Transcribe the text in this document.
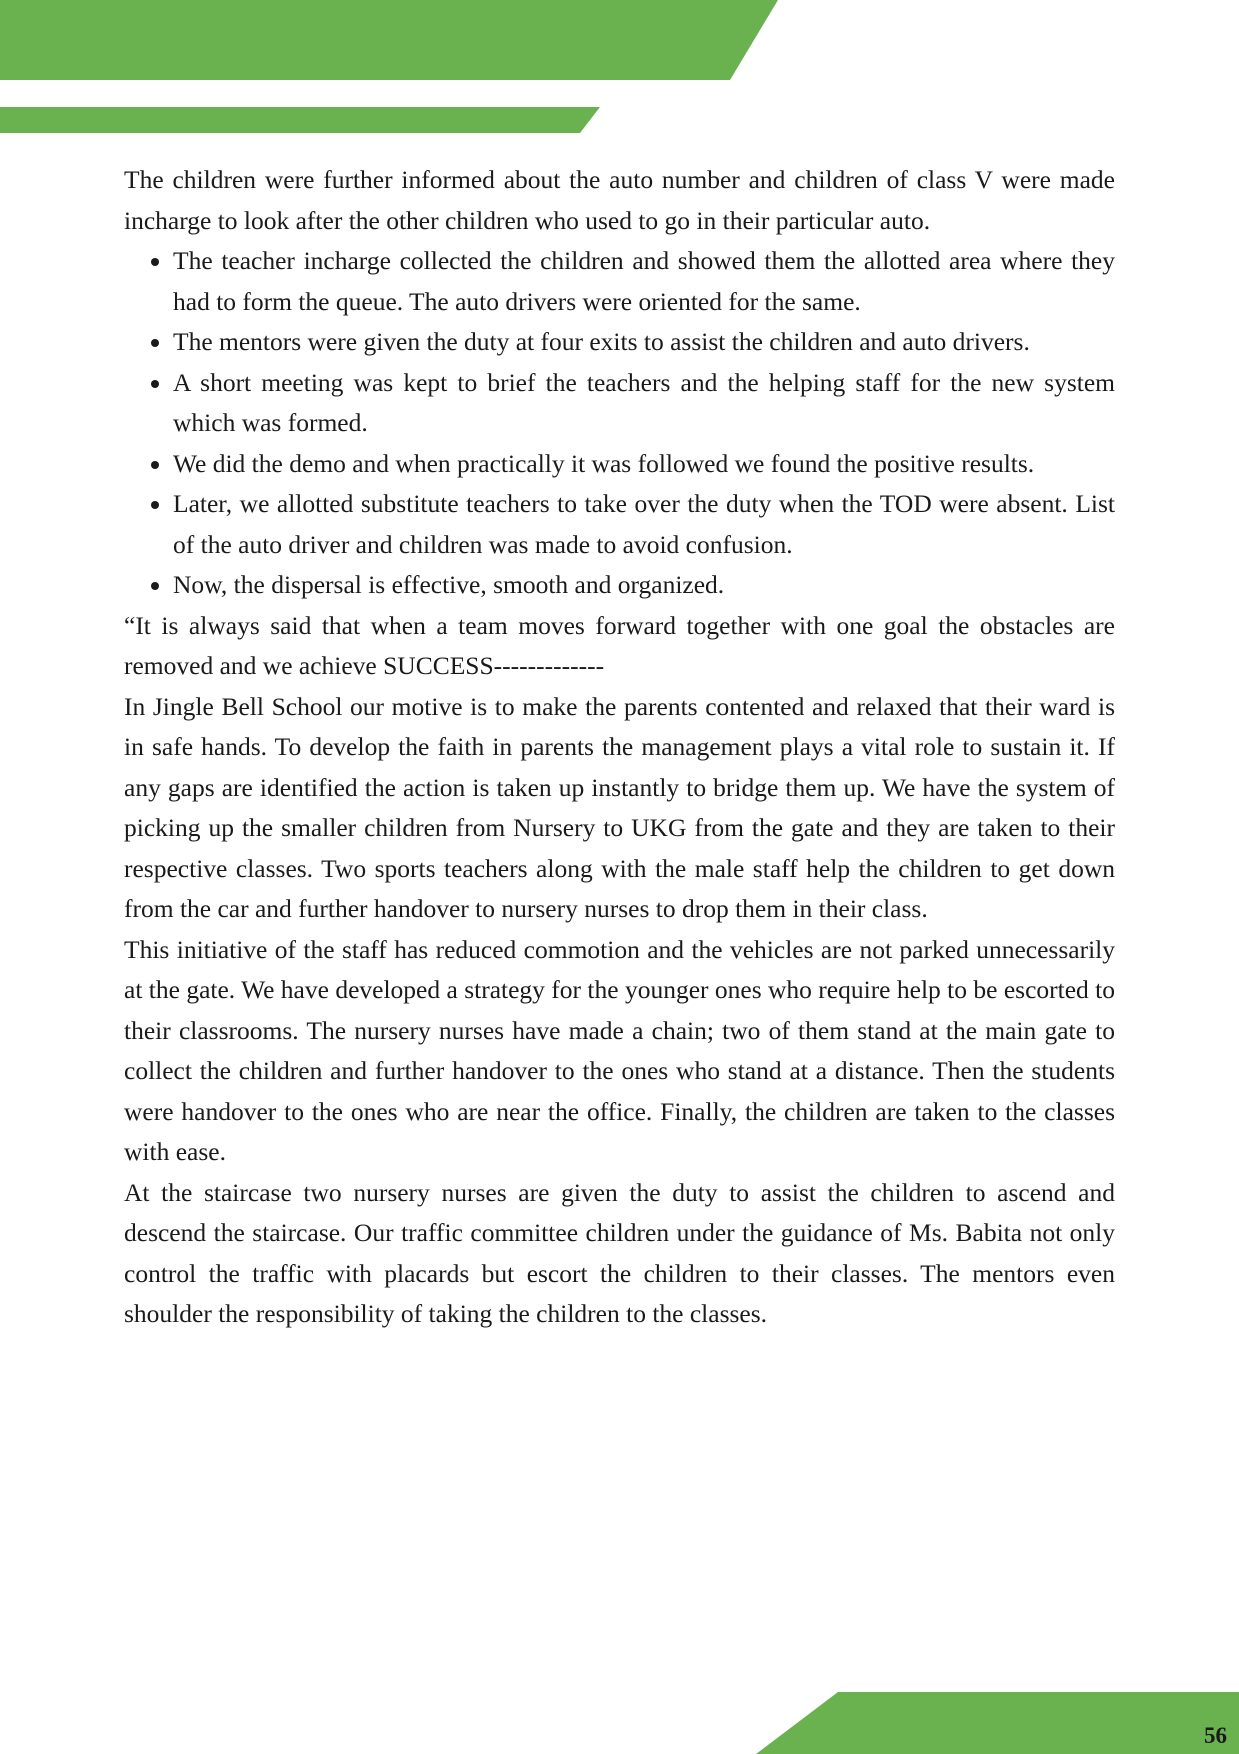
The children were further informed about the auto number and children of class V were made incharge to look after the other children who used to go in their particular auto.

• The teacher incharge collected the children and showed them the allotted area where they had to form the queue. The auto drivers were oriented for the same.
• The mentors were given the duty at four exits to assist the children and auto drivers.
• A short meeting was kept to brief the teachers and the helping staff for the new system which was formed.
• We did the demo and when practically it was followed we found the positive results.
• Later, we allotted substitute teachers to take over the duty when the TOD were absent. List of the auto driver and children was made to avoid confusion.
• Now, the dispersal is effective, smooth and organized.

“It is always said that when a team moves forward together with one goal the obstacles are removed and we achieve SUCCESS-------------

In Jingle Bell School our motive is to make the parents contented and relaxed that their ward is in safe hands. To develop the faith in parents the management plays a vital role to sustain it. If any gaps are identified the action is taken up instantly to bridge them up. We have the system of picking up the smaller children from Nursery to UKG from the gate and they are taken to their respective classes. Two sports teachers along with the male staff help the children to get down from the car and further handover to nursery nurses to drop them in their class.

This initiative of the staff has reduced commotion and the vehicles are not parked unnecessarily at the gate. We have developed a strategy for the younger ones who require help to be escorted to their classrooms. The nursery nurses have made a chain; two of them stand at the main gate to collect the children and further handover to the ones who stand at a distance. Then the students were handover to the ones who are near the office. Finally, the children are taken to the classes with ease.

At the staircase two nursery nurses are given the duty to assist the children to ascend and descend the staircase. Our traffic committee children under the guidance of Ms. Babita not only control the traffic with placards but escort the children to their classes. The mentors even shoulder the responsibility of taking the children to the classes.

56
